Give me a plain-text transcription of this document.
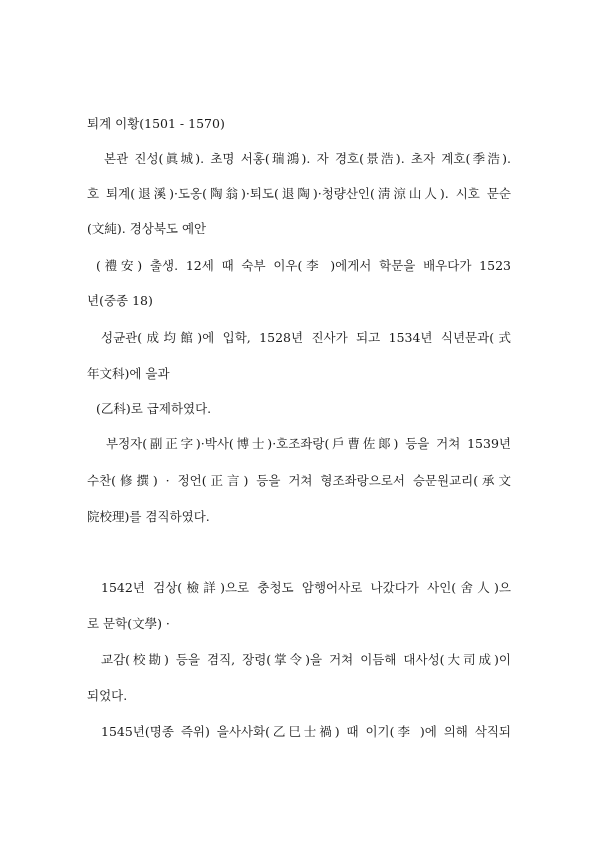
퇴계 이황(1501 - 1570)
본관 진성(眞城). 초명 서홍(瑞鴻). 자 경호(景浩). 초자 계호(季浩).
호 퇴계(退溪)·도옹(陶翁)·퇴도(退陶)·청량산인(淸涼山人). 시호 문순
(文純). 경상북도 예안
(禮安) 출생. 12세 때 숙부 이우(李 )에게서 학문을 배우다가 1523
년(중종 18)
성균관(成均館)에 입학, 1528년 진사가 되고 1534년 식년문과(式
年文科)에 을과
(乙科)로 급제하였다.
부정자(副正字)·박사(博士)·호조좌랑(戶曹佐郞) 등을 거쳐 1539년
수찬(修撰) · 정언(正言) 등을 거쳐 형조좌랑으로서 승문원교리(承文
院校理)를 겸직하였다.
1542년 검상(檢詳)으로 충청도 암행어사로 나갔다가 사인(舍人)으
로 문학(文學) ·
교감(校勘) 등을 겸직, 장령(掌令)을 거쳐 이듬해 대사성(大司成)이
되었다.
1545년(명종 즉위) 을사사화(乙巳士禍) 때 이기(李 )에 의해 삭직되
